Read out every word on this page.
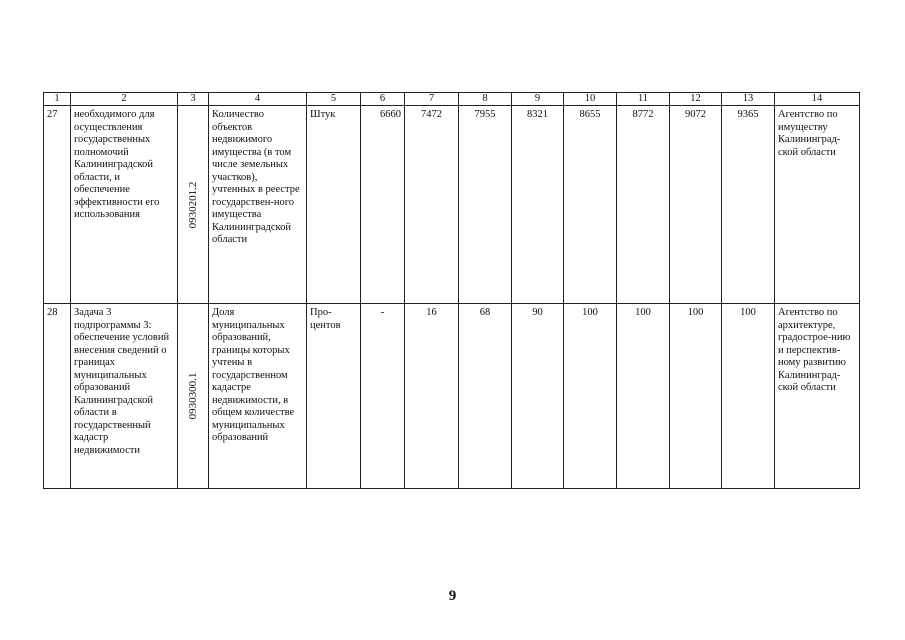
1	2	3	4	5	6	7	8	9	10	11	12	13	14
27	необходимого для осуществления государственных полномочий Калининградской области, и обеспечение эффективности его использования	0930201.2	Количество объектов недвижимого имущества (в том числе земельных участков), учтенных в реестре государствен-ного имущества Калининградской области	Штук	6660	7472	7955	8321	8655	8772	9072	9365	Агентство по имуществу Калининград-ской области
28	Задача 3 подпрограммы 3: обеспечение условий внесения сведений о границах муниципальных образований Калининградской области в государственный кадастр недвижимости	0930300.1	Доля муниципальных образований, границы которых учтены в государственном кадастре недвижимости, в общем количестве муниципальных образований	Про-центов	-	16	68	90	100	100	100	100	Агентство по архитектуре, градострое-нию и перспектив-ному развитию Калининград-ской области
9
